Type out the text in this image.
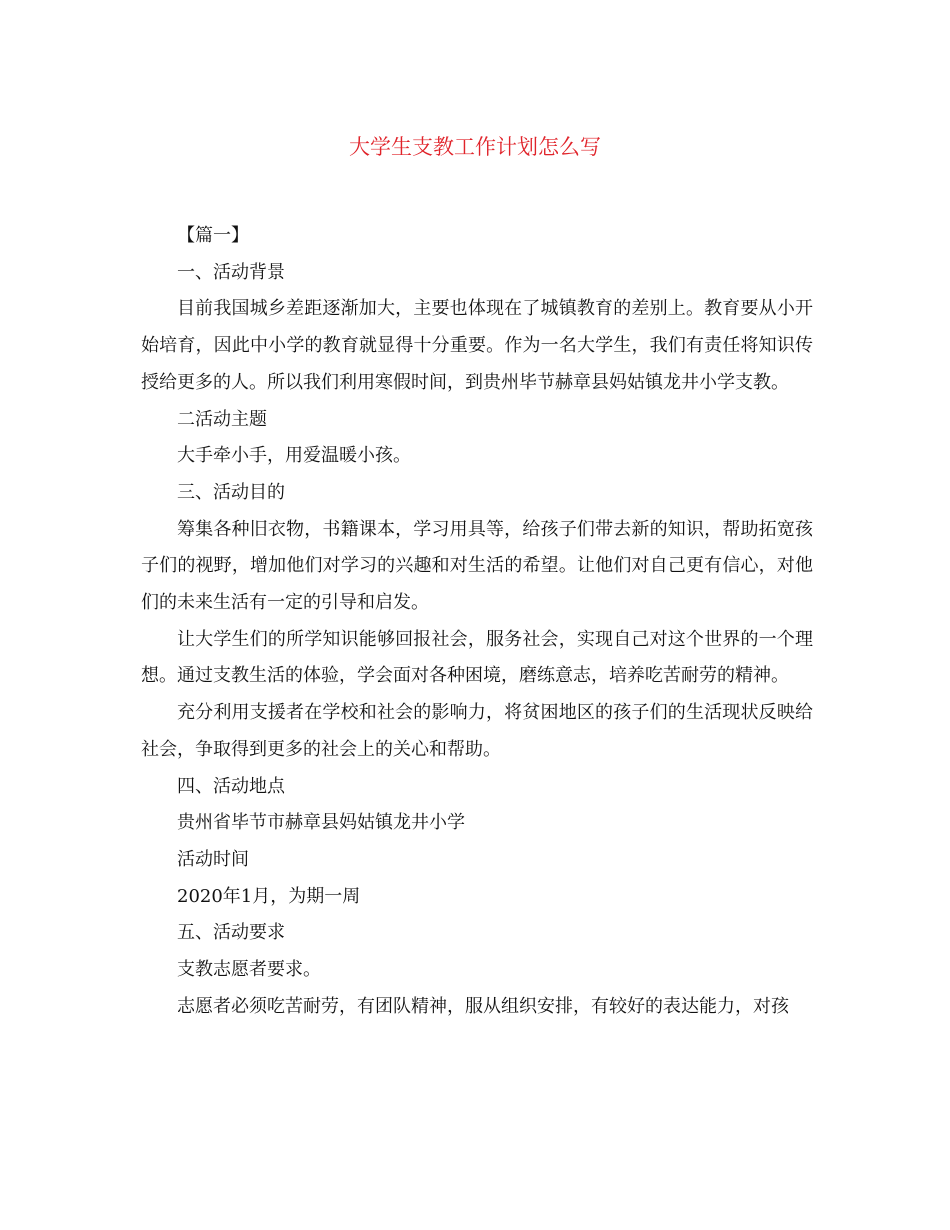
大学生支教工作计划怎么写

【篇一】

一、活动背景

目前我国城乡差距逐渐加大，主要也体现在了城镇教育的差别上。教育要从小开始培育，因此中小学的教育就显得十分重要。作为一名大学生，我们有责任将知识传授给更多的人。所以我们利用寒假时间，到贵州毕节赫章县妈姑镇龙井小学支教。

二活动主题

大手牵小手，用爱温暖小孩。

三、活动目的

筹集各种旧衣物，书籍课本，学习用具等，给孩子们带去新的知识，帮助拓宽孩子们的视野，增加他们对学习的兴趣和对生活的希望。让他们对自己更有信心，对他们的未来生活有一定的引导和启发。

让大学生们的所学知识能够回报社会，服务社会，实现自己对这个世界的一个理想。通过支教生活的体验，学会面对各种困境，磨练意志，培养吃苦耐劳的精神。

充分利用支援者在学校和社会的影响力，将贫困地区的孩子们的生活现状反映给社会，争取得到更多的社会上的关心和帮助。

四、活动地点

贵州省毕节市赫章县妈姑镇龙井小学

活动时间

2020年1月，为期一周

五、活动要求

支教志愿者要求。

志愿者必须吃苦耐劳，有团队精神，服从组织安排，有较好的表达能力，对孩
